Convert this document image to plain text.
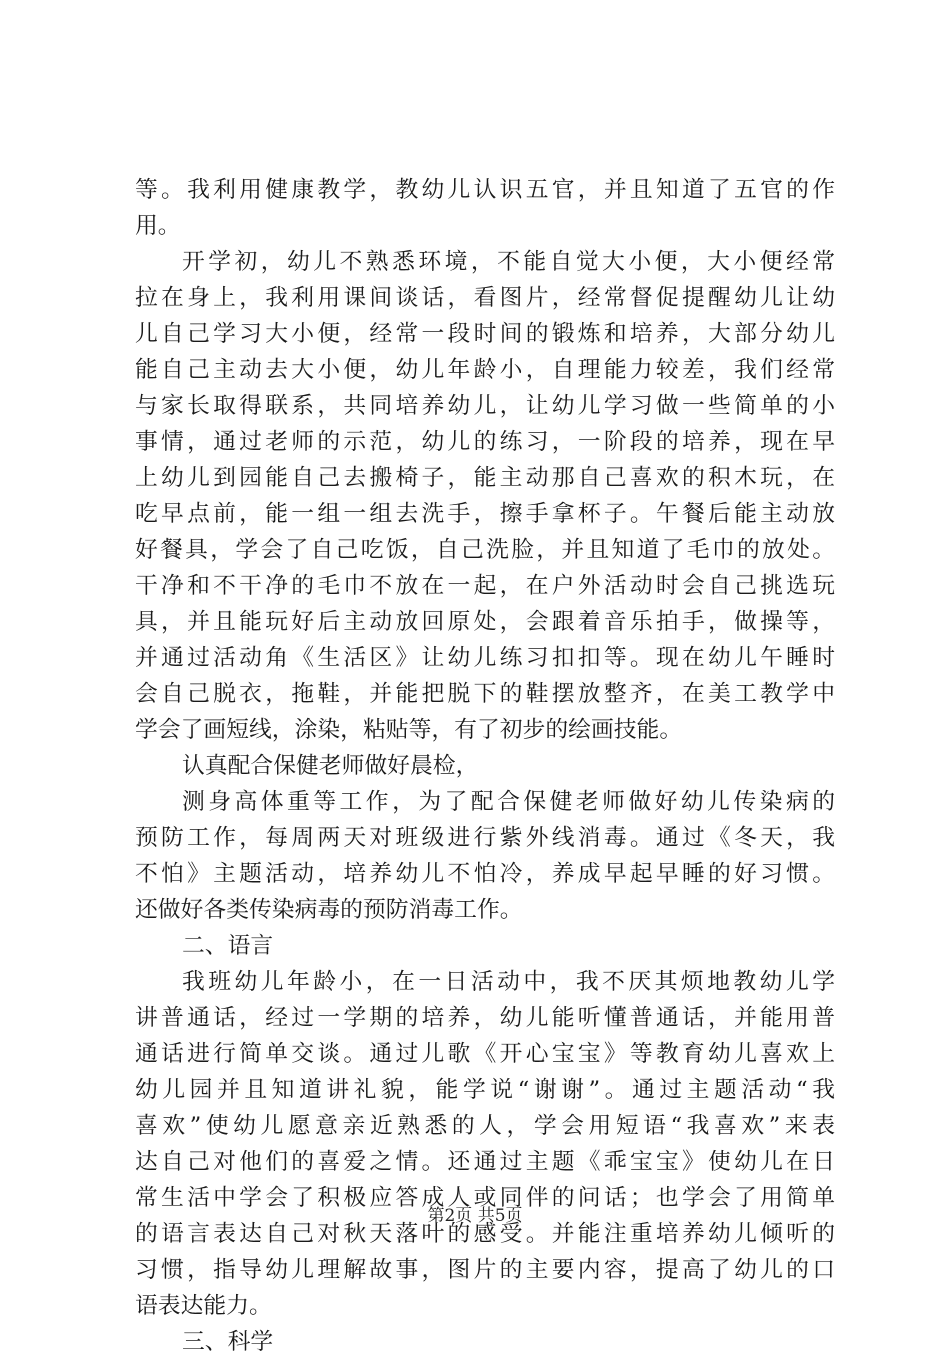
等。我利用健康教学，教幼儿认识五官，并且知道了五官的作
用。
开学初，幼儿不熟悉环境，不能自觉大小便，大小便经常
拉在身上，我利用课间谈话，看图片，经常督促提醒幼儿让幼
儿自己学习大小便，经常一段时间的锻炼和培养，大部分幼儿
能自己主动去大小便，幼儿年龄小，自理能力较差，我们经常
与家长取得联系，共同培养幼儿，让幼儿学习做一些简单的小
事情，通过老师的示范，幼儿的练习，一阶段的培养，现在早
上幼儿到园能自己去搬椅子，能主动那自己喜欢的积木玩，在
吃早点前，能一组一组去洗手，擦手拿杯子。午餐后能主动放
好餐具，学会了自己吃饭，自己洗脸，并且知道了毛巾的放处。
干净和不干净的毛巾不放在一起，在户外活动时会自己挑选玩
具，并且能玩好后主动放回原处，会跟着音乐拍手，做操等，
并通过活动角《生活区》让幼儿练习扣扣等。现在幼儿午睡时
会自己脱衣，拖鞋，并能把脱下的鞋摆放整齐，在美工教学中
学会了画短线，涂染，粘贴等，有了初步的绘画技能。
认真配合保健老师做好晨检，
测身高体重等工作，为了配合保健老师做好幼儿传染病的
预防工作，每周两天对班级进行紫外线消毒。通过《冬天，我
不怕》主题活动，培养幼儿不怕冷，养成早起早睡的好习惯。
还做好各类传染病毒的预防消毒工作。
二、语言
我班幼儿年龄小，在一日活动中，我不厌其烦地教幼儿学
讲普通话，经过一学期的培养，幼儿能听懂普通话，并能用普
通话进行简单交谈。通过儿歌《开心宝宝》等教育幼儿喜欢上
幼儿园并且知道讲礼貌，能学说“谢谢”。通过主题活动“我
喜欢”使幼儿愿意亲近熟悉的人，学会用短语“我喜欢”来表
达自己对他们的喜爱之情。还通过主题《乖宝宝》使幼儿在日
常生活中学会了积极应答成人或同伴的问话；也学会了用简单
的语言表达自己对秋天落叶的感受。并能注重培养幼儿倾听的
习惯，指导幼儿理解故事，图片的主要内容，提高了幼儿的口
语表达能力。
三、科学
第2页 共5页
